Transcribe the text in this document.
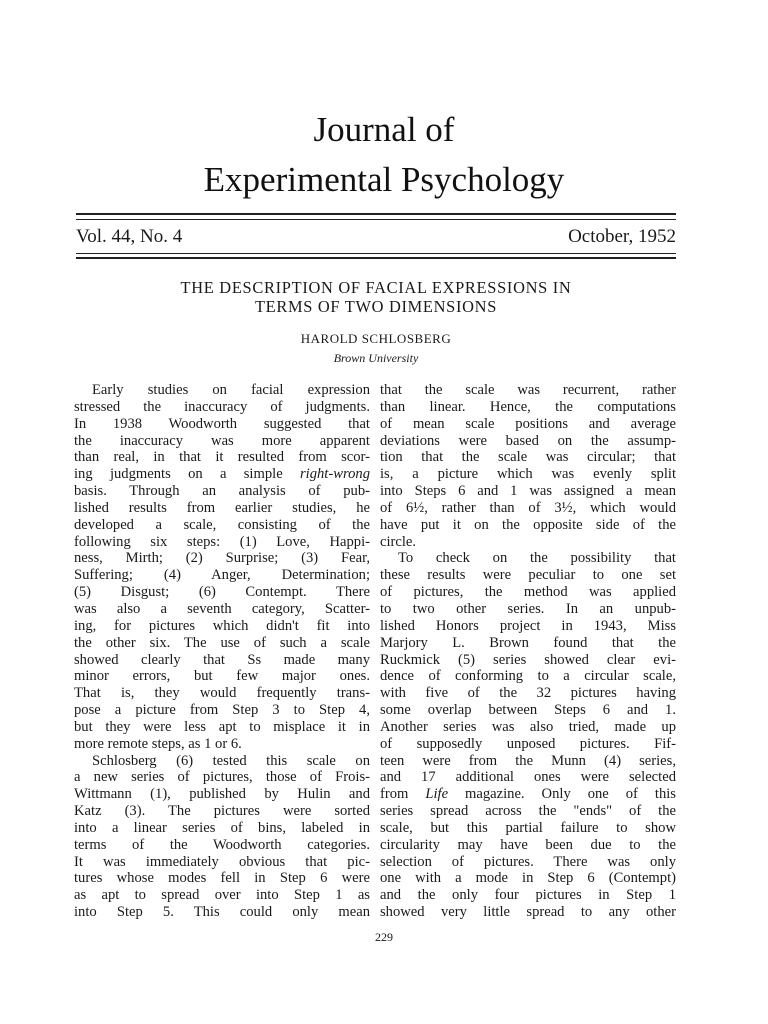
Journal of
Experimental Psychology
Vol. 44, No. 4	October, 1952
THE DESCRIPTION OF FACIAL EXPRESSIONS IN
TERMS OF TWO DIMENSIONS
HAROLD SCHLOSBERG
Brown University
Early studies on facial expression
stressed the inaccuracy of judgments.
In 1938 Woodworth suggested that
the inaccuracy was more apparent
than real, in that it resulted from scor-
ing judgments on a simple right-wrong
basis. Through an analysis of pub-
lished results from earlier studies, he
developed a scale, consisting of the
following six steps: (1) Love, Happi-
ness, Mirth; (2) Surprise; (3) Fear,
Suffering; (4) Anger, Determination;
(5) Disgust; (6) Contempt. There
was also a seventh category, Scatter-
ing, for pictures which didn't fit into
the other six. The use of such a scale
showed clearly that Ss made many
minor errors, but few major ones.
That is, they would frequently trans-
pose a picture from Step 3 to Step 4,
but they were less apt to misplace it in
more remote steps, as 1 or 6.
Schlosberg (6) tested this scale on
a new series of pictures, those of Frois-
Wittmann (1), published by Hulin and
Katz (3). The pictures were sorted
into a linear series of bins, labeled in
terms of the Woodworth categories.
It was immediately obvious that pic-
tures whose modes fell in Step 6 were
as apt to spread over into Step 1 as
into Step 5. This could only mean
that the scale was recurrent, rather
than linear. Hence, the computations
of mean scale positions and average
deviations were based on the assump-
tion that the scale was circular; that
is, a picture which was evenly split
into Steps 6 and 1 was assigned a mean
of 6½, rather than of 3½, which would
have put it on the opposite side of the
circle.
To check on the possibility that
these results were peculiar to one set
of pictures, the method was applied
to two other series. In an unpub-
lished Honors project in 1943, Miss
Marjory L. Brown found that the
Ruckmick (5) series showed clear evi-
dence of conforming to a circular scale,
with five of the 32 pictures having
some overlap between Steps 6 and 1.
Another series was also tried, made up
of supposedly unposed pictures. Fif-
teen were from the Munn (4) series,
and 17 additional ones were selected
from Life magazine. Only one of this
series spread across the "ends" of the
scale, but this partial failure to show
circularity may have been due to the
selection of pictures. There was only
one with a mode in Step 6 (Contempt)
and the only four pictures in Step 1
showed very little spread to any other
229
